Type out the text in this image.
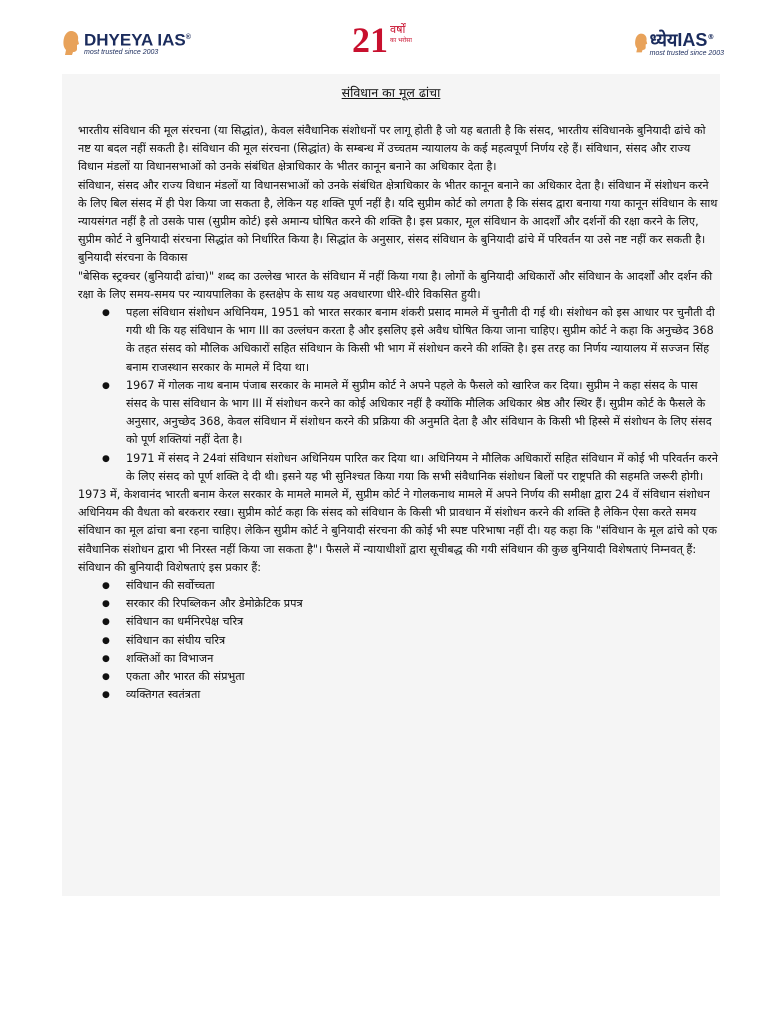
DHYEYA IAS®
most trusted since 2003	21 वर्षों
का भरोसा	ध्येयIAS®
most trusted since 2003
संविधान का मूल ढांचा

भारतीय संविधान की मूल संरचना (या सिद्धांत), केवल संवैधानिक संशोधनों पर लागू होती है जो यह बताती है कि संसद, भारतीय संविधानके बुनियादी ढांचे को नष्ट या बदल नहीं सकती है। संविधान की मूल संरचना (सिद्धांत) के सम्बन्ध में उच्चतम न्यायालय के कई महत्वपूर्ण निर्णय रहे हैं। संविधान, संसद और राज्य विधान मंडलों या विधानसभाओं को उनके संबंधित क्षेत्राधिकार के भीतर कानून बनाने का अधिकार देता है।

संविधान, संसद और राज्य विधान मंडलों या विधानसभाओं को उनके संबंधित क्षेत्राधिकार के भीतर कानून बनाने का अधिकार देता है। संविधान में संशोधन करने के लिए बिल संसद में ही पेश किया जा सकता है, लेकिन यह शक्ति पूर्ण नहीं है। यदि सुप्रीम कोर्ट को लगता है कि संसद द्वारा बनाया गया कानून संविधान के साथ न्यायसंगत नहीं है तो उसके पास (सुप्रीम कोर्ट) इसे अमान्य घोषित करने की शक्ति है। इस प्रकार, मूल संविधान के आदर्शों और दर्शनों की रक्षा करने के लिए, सुप्रीम कोर्ट ने बुनियादी संरचना सिद्धांत को निर्धारित किया है। सिद्धांत के अनुसार, संसद संविधान के बुनियादी ढांचे में परिवर्तन या उसे नष्ट नहीं कर सकती है।

बुनियादी संरचना के विकास

"बेसिक स्ट्रक्चर (बुनियादी ढांचा)" शब्द का उल्लेख भारत के संविधान में नहीं किया गया है। लोगों के बुनियादी अधिकारों और संविधान के आदर्शों और दर्शन की रक्षा के लिए समय-समय पर न्यायपालिका के हस्तक्षेप के साथ यह अवधारणा धीरे-धीरे विकसित हुयी।

● पहला संविधान संशोधन अधिनियम, 1951 को भारत सरकार बनाम शंकरी प्रसाद मामले में चुनौती दी गई थी। संशोधन को इस आधार पर चुनौती दी गयी थी कि यह संविधान के भाग III का उल्लंघन करता है और इसलिए इसे अवैध घोषित किया जाना चाहिए। सुप्रीम कोर्ट ने कहा कि अनुच्छेद 368 के तहत संसद को मौलिक अधिकारों सहित संविधान के किसी भी भाग में संशोधन करने की शक्ति है। इस तरह का निर्णय न्यायालय में सज्जन सिंह बनाम राजस्थान सरकार के मामले में दिया था।
● 1967 में गोलक नाथ बनाम पंजाब सरकार के मामले में सुप्रीम कोर्ट ने अपने पहले के फैसले को खारिज कर दिया। सुप्रीम ने कहा संसद के पास संसद के पास संविधान के भाग III में संशोधन करने का कोई अधिकार नहीं है क्योंकि मौलिक अधिकार श्रेष्ठ और स्थिर हैं। सुप्रीम कोर्ट के फैसले के अनुसार, अनुच्छेद 368, केवल संविधान में संशोधन करने की प्रक्रिया की अनुमति देता है और संविधान के किसी भी हिस्से में संशोधन के लिए संसद को पूर्ण शक्तियां नहीं देता है।
● 1971 में संसद ने 24वां संविधान संशोधन अधिनियम पारित कर दिया था। अधिनियम ने मौलिक अधिकारों सहित संविधान में कोई भी परिवर्तन करने के लिए संसद को पूर्ण शक्ति दे दी थी। इसने यह भी सुनिश्चत किया गया कि सभी संवैधानिक संशोधन बिलों पर राष्ट्रपति की सहमति जरूरी होगी।

1973 में, केशवानंद भारती बनाम केरल सरकार के मामले मामले में, सुप्रीम कोर्ट ने गोलकनाथ मामले में अपने निर्णय की समीक्षा द्वारा 24 वें संविधान संशोधन अधिनियम की वैधता को बरकरार रखा। सुप्रीम कोर्ट कहा कि संसद को संविधान के किसी भी प्रावधान में संशोधन करने की शक्ति है लेकिन ऐसा करते समय संविधान का मूल ढांचा बना रहना चाहिए। लेकिन सुप्रीम कोर्ट ने बुनियादी संरचना की कोई भी स्पष्ट परिभाषा नहीं दी। यह कहा कि "संविधान के मूल ढांचे को एक संवैधानिक संशोधन द्वारा भी निरस्त नहीं किया जा सकता है"। फैसले में न्यायाधीशों द्वारा सूचीबद्ध की गयी संविधान की कुछ बुनियादी विशेषताएं निम्नवत् हैं:

संविधान की बुनियादी विशेषताएं इस प्रकार हैं:

● संविधान की सर्वोच्चता
● सरकार की रिपब्लिकन और डेमोक्रेटिक प्रपत्र
● संविधान का धर्मनिरपेक्ष चरित्र
● संविधान का संघीय चरित्र
● शक्तिओं का विभाजन
● एकता और भारत की संप्रभुता
● व्यक्तिगत स्वतंत्रता
